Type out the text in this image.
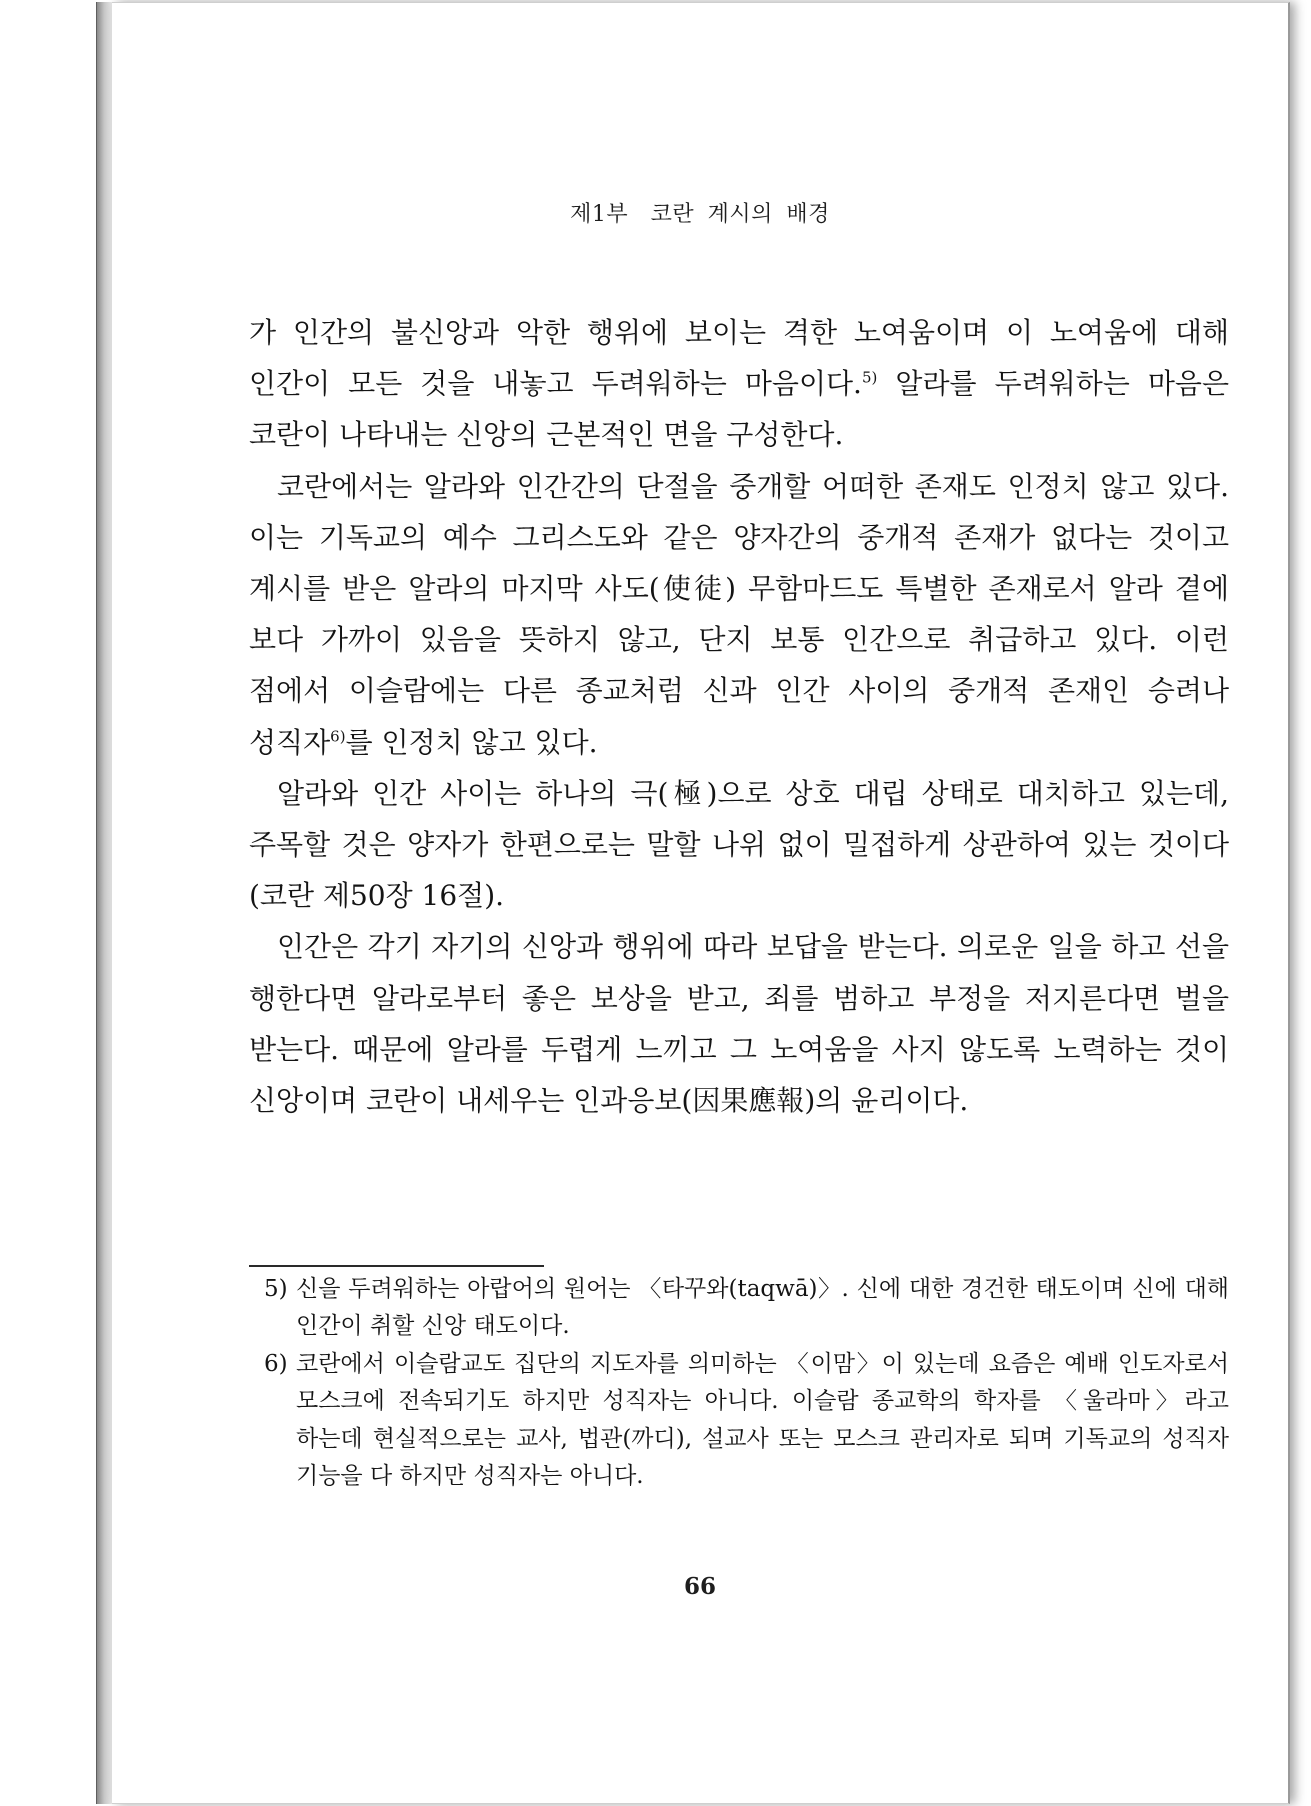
제1부　코란 계시의 배경

가 인간의 불신앙과 악한 행위에 보이는 격한 노여움이며 이 노여움에 대해 인간이 모든 것을 내놓고 두려워하는 마음이다.$^{5)}$ 알라를 두려워하는 마음은 코란이 나타내는 신앙의 근본적인 면을 구성한다.

코란에서는 알라와 인간간의 단절을 중개할 어떠한 존재도 인정치 않고 있다. 이는 기독교의 예수 그리스도와 같은 양자간의 중개적 존재가 없다는 것이고 계시를 받은 알라의 마지막 사도(使徒) 무함마드도 특별한 존재로서 알라 곁에 보다 가까이 있음을 뜻하지 않고, 단지 보통 인간으로 취급하고 있다. 이런 점에서 이슬람에는 다른 종교처럼 신과 인간 사이의 중개적 존재인 승려나 성직자$^{6)}$를 인정치 않고 있다.

알라와 인간 사이는 하나의 극(極)으로 상호 대립 상태로 대치하고 있는데, 주목할 것은 양자가 한편으로는 말할 나위 없이 밀접하게 상관하여 있는 것이다(코란 제50장 16절).

인간은 각기 자기의 신앙과 행위에 따라 보답을 받는다. 의로운 일을 하고 선을 행한다면 알라로부터 좋은 보상을 받고, 죄를 범하고 부정을 저지른다면 벌을 받는다. 때문에 알라를 두렵게 느끼고 그 노여움을 사지 않도록 노력하는 것이 신앙이며 코란이 내세우는 인과응보(因果應報)의 윤리이다.

5) 신을 두려워하는 아랍어의 원어는 〈타꾸와(taqwā)〉. 신에 대한 경건한 태도이며 신에 대해 인간이 취할 신앙 태도이다.

6) 코란에서 이슬람교도 집단의 지도자를 의미하는 〈이맘〉이 있는데 요즘은 예배 인도자로서 모스크에 전속되기도 하지만 성직자는 아니다. 이슬람 종교학의 학자를 〈울라마〉라고 하는데 현실적으로는 교사, 법관(까디), 설교사 또는 모스크 관리자로 되며 기독교의 성직자 기능을 다 하지만 성직자는 아니다.

66
